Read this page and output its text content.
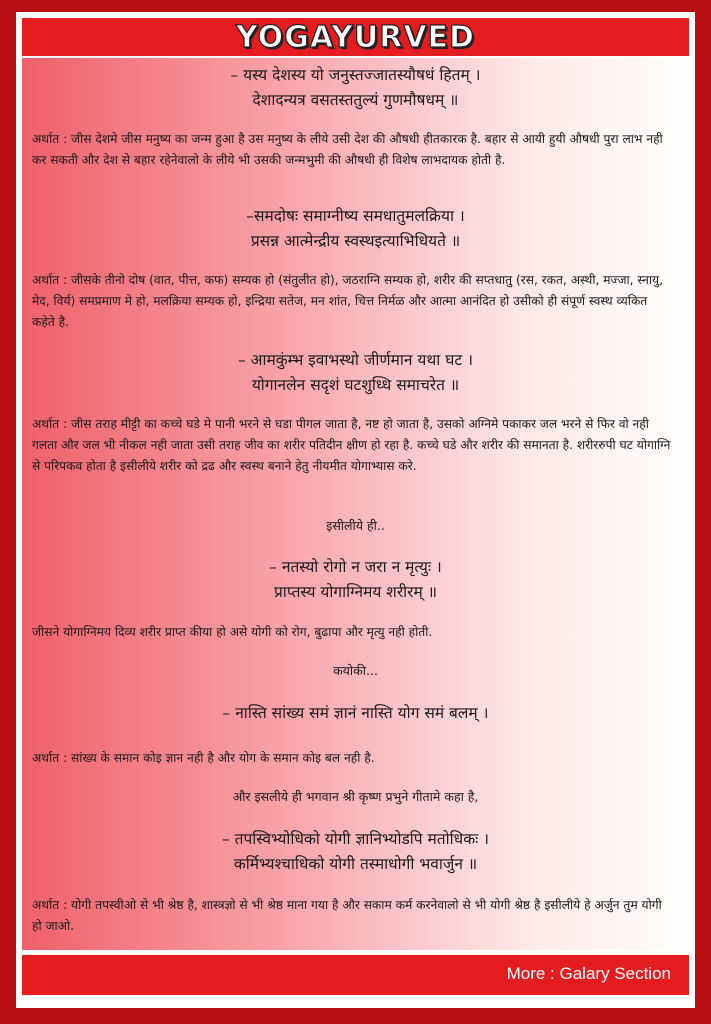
YOGAYURVED
– यस्य देशस्य यो जनुस्तज्जातस्यौषधं हितम् ।
देशादन्यत्र वसतस्ततुल्यं गुणमौषधम् ॥
अर्थात : जीस देशमे जीस मनुष्य का जन्म हुआ है उस मनुष्य के लीये उसी देश की औषधी हीतकारक है. बहार से आयी हुयी औषधी पुरा लाभ नही कर सकती और देश से बहार रहेनेवालो के लीये भी उसकी जन्मभुमी की औषधी ही विशेष लाभदायक होती है.
–समदोषः समाग्नीष्य समधातुमलक्रिया ।
प्रसन्न आत्मेन्द्रीय स्वस्थइत्याभिधियते ॥
अर्थात : जीसके तीनो दोष (वात, पीत्त, कफ) सम्यक हो (संतुलीत हो), जठराग्नि सम्यक हो, शरीर की सप्तधातु (रस, रकत, अस्थी, मज्जा, स्नायु, मेद, विर्य) समप्रमाण मे हो, मलक्रिया सम्यक हो, इन्द्रिया सतेज, मन शांत, चित्त निर्मळ और आत्मा आनंदित हो उसीको ही संपूर्ण स्वस्थ व्यकित कहेते है.
– आमकुंम्भ इवाभस्थो जीर्णमान यथा घट ।
योगानलेन सदृशं घटशुध्धि समाचरेत ॥
अर्थात : जीस तराह मीट्टी का कच्चे घडे मे पानी भरने से घडा पीगल जाता है, नष्ट हो जाता है, उसको अग्निमे पकाकर जल भरने से फिर वो नही गलता और जल भी नीकल नही जाता उसी तराह जीव का शरीर पतिदीन क्षीण हो रहा है. कच्चे घडे और शरीर की समानता है. शरीररुपी घट योगाग्नि से परिपकव होता है इसीलीये शरीर को द्रढ और स्वस्थ बनाने हेतु नीयमीत योगाभ्यास करे.
इसीलीये ही..
– नतस्यो रोगो न जरा न मृत्युः ।
प्राप्तस्य योगाग्निमय शरीरम् ॥
जीसने योगाग्निमय दिव्य शरीर प्राप्त कीया हो असे योगी को रोग, बुढापा और मृत्यु नही होती.
कयोकी...
– नास्ति सांख्य समं ज्ञानं नास्ति योग समं बलम् ।
अर्थात : सांख्य के समान कोइ ज्ञान नही है और योग के समान कोइ बल नही है.
और इसलीये ही भगवान श्री कृष्ण प्रभुने गीतामे कहा है,
– तपस्विभ्योधिको योगी ज्ञानिभ्योडपि मतोधिकः ।
कर्मिभ्यश्चाधिको योगी तस्माधोगी भवार्जुन ॥
अर्थात : योगी तपस्वीओ से भी श्रेष्ठ है, शास्त्रज्ञो से भी श्रेष्ठ माना गया है और सकाम कर्म करनेवालो से भी योगी श्रेष्ठ है इसीलीये हे अर्जुन तुम योगी हो जाओ.
More : Galary Section
